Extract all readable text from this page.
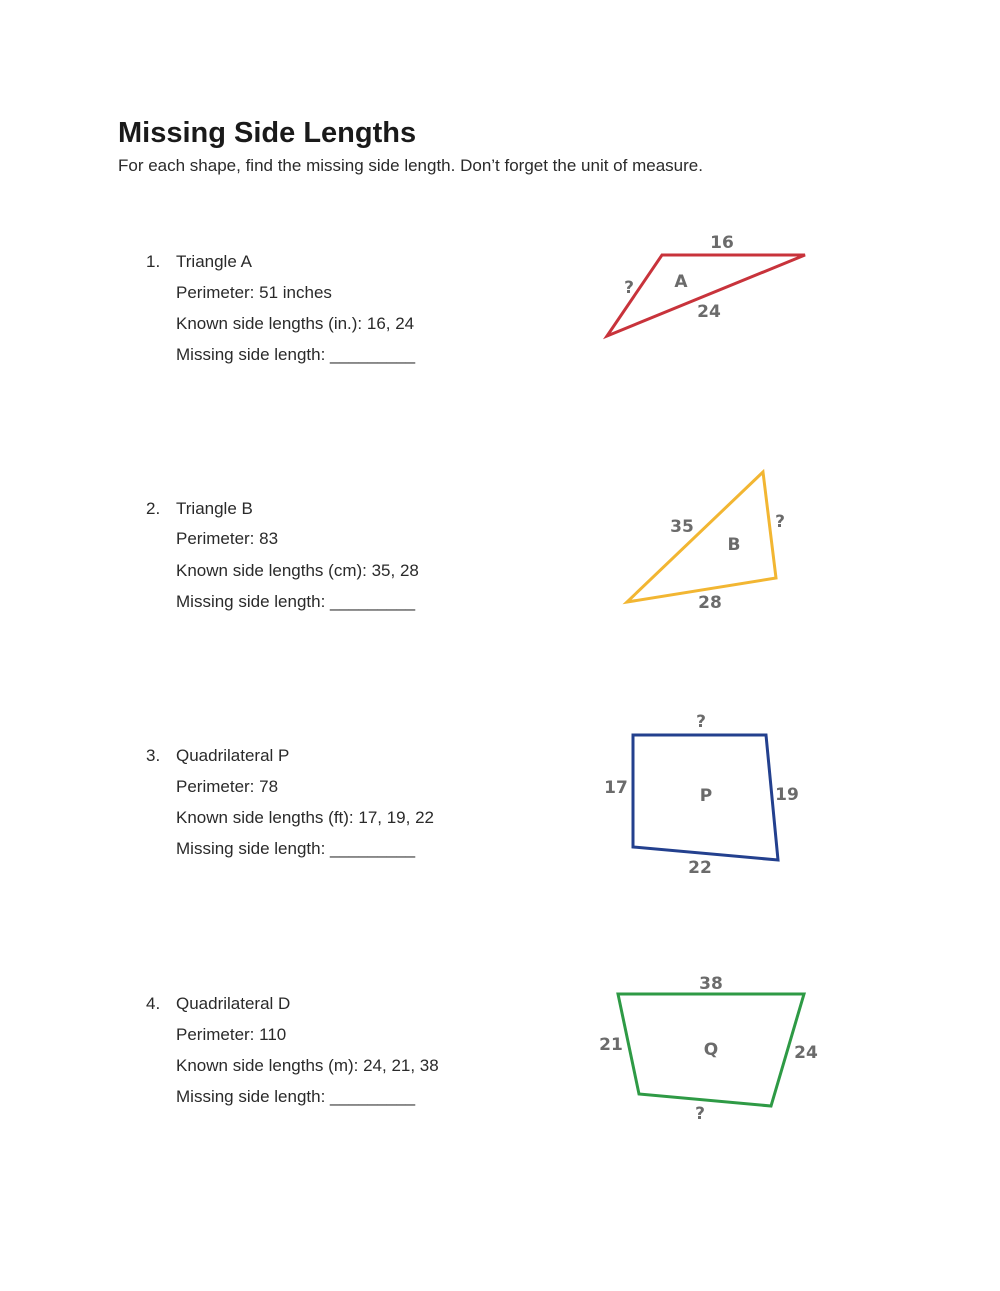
Missing Side Lengths
For each shape, find the missing side length. Don’t forget the unit of measure.
1. Triangle A
Perimeter: 51 inches
Known side lengths (in.): 16, 24
Missing side length: _________
2. Triangle B
Perimeter: 83
Known side lengths (cm): 35, 28
Missing side length: _________
3. Quadrilateral P
Perimeter: 78
Known side lengths (ft): 17, 19, 22
Missing side length: _________
4. Quadrilateral D
Perimeter: 110
Known side lengths (m): 24, 21, 38
Missing side length: _________
16
24
? A
35
28
?
B
?
17	19
22
P
38
21	24
?
Q
